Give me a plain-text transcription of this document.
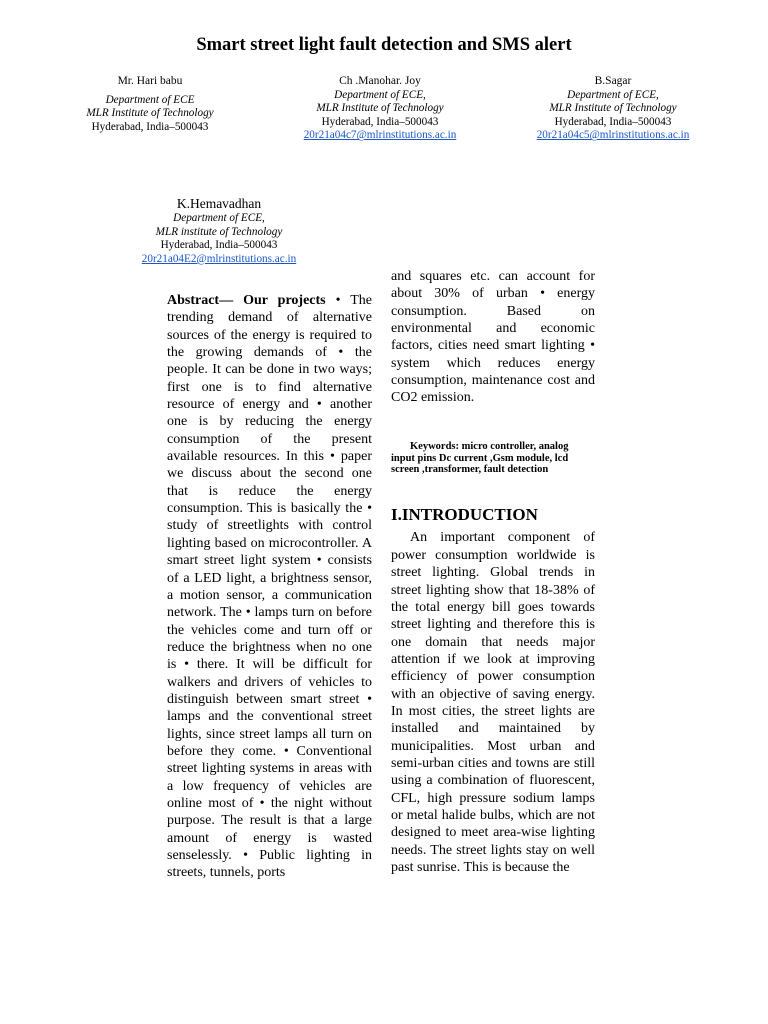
Smart street light fault detection and SMS alert
Mr. Hari babu
Department of ECE
MLR Institute of Technology
Hyderabad, India–500043
Ch .Manohar. Joy
Department of ECE,
MLR Institute of Technology
Hyderabad, India–500043
20r21a04c7@mlrinstitutions.ac.in
B.Sagar
Department of ECE,
MLR Institute of Technology
Hyderabad, India–500043
20r21a04c5@mlrinstitutions.ac.in
K.Hemavadhan
Department of ECE,
MLR institute of Technology
Hyderabad, India–500043
20r21a04E2@mlrinstitutions.ac.in

Abstract— Our projects • The trending demand of alternative sources of the energy is required to the growing demands of • the people. It can be done in two ways; first one is to find alternative resource of energy and • another one is by reducing the energy consumption of the present available resources. In this • paper we discuss about the second one that is reduce the energy consumption. This is basically the • study of streetlights with control lighting based on microcontroller. A smart street light system • consists of a LED light, a brightness sensor, a motion sensor, a communication network. The • lamps turn on before the vehicles come and turn off or reduce the brightness when no one is • there. It will be difficult for walkers and drivers of vehicles to distinguish between smart street • lamps and the conventional street lights, since street lamps all turn on before they come. • Conventional street lighting systems in areas with a low frequency of vehicles are online most of • the night without purpose. The result is that a large amount of energy is wasted senselessly. • Public lighting in streets, tunnels, ports

and squares etc. can account for about 30% of urban • energy consumption. Based on environmental and economic factors, cities need smart lighting • system which reduces energy consumption, maintenance cost and CO2 emission.

Keywords: micro controller, analog input pins Dc current ,Gsm module, lcd screen ,transformer, fault detection

I.INTRODUCTION

An important component of power consumption worldwide is street lighting. Global trends in street lighting show that 18-38% of the total energy bill goes towards street lighting and therefore this is one domain that needs major attention if we look at improving efficiency of power consumption with an objective of saving energy. In most cities, the street lights are installed and maintained by municipalities. Most urban and semi-urban cities and towns are still using a combination of fluorescent, CFL, high pressure sodium lamps or metal halide bulbs, which are not designed to meet area-wise lighting needs. The street lights stay on well past sunrise. This is because the
